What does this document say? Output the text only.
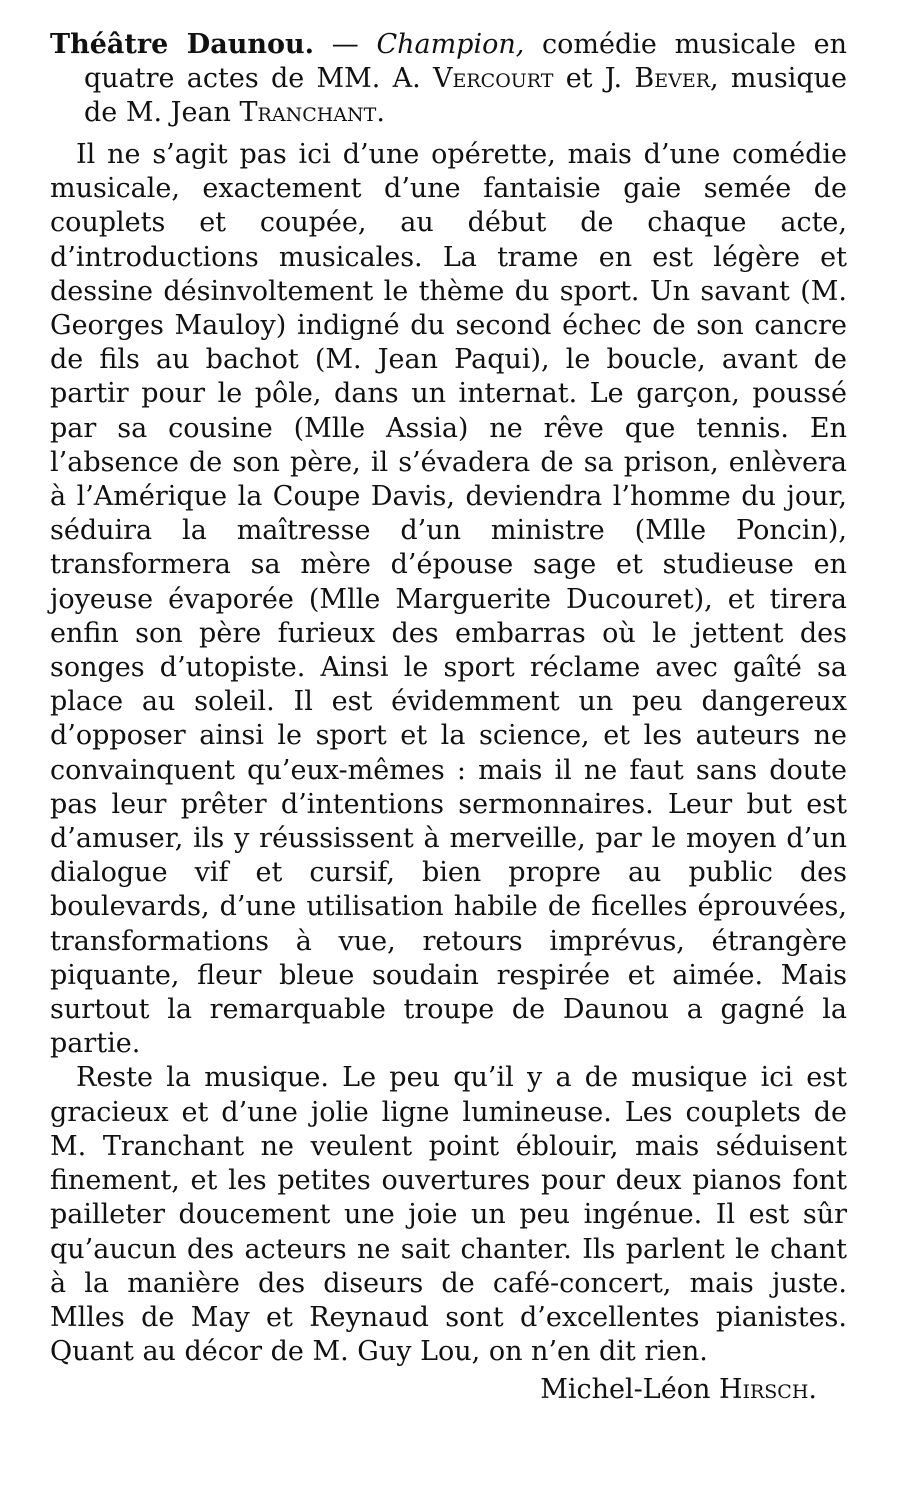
Théâtre Daunou. — Champion, comédie musicale en quatre actes de MM. A. Vercourt et J. Bever, musique de M. Jean Tranchant.

Il ne s’agit pas ici d’une opérette, mais d’une comédie musicale, exactement d’une fantaisie gaie semée de couplets et coupée, au début de chaque acte, d’introductions musicales. La trame en est légère et dessine désinvoltement le thème du sport. Un savant (M. Georges Mauloy) indigné du second échec de son cancre de fils au bachot (M. Jean Paqui), le boucle, avant de partir pour le pôle, dans un internat. Le garçon, poussé par sa cousine (Mlle Assia) ne rêve que tennis. En l’absence de son père, il s’évadera de sa prison, enlèvera à l’Amérique la Coupe Davis, deviendra l’homme du jour, séduira la maîtresse d’un ministre (Mlle Poncin), transformera sa mère d’épouse sage et studieuse en joyeuse évaporée (Mlle Marguerite Ducouret), et tirera enfin son père furieux des embarras où le jettent des songes d’utopiste. Ainsi le sport réclame avec gaîté sa place au soleil. Il est évidemment un peu dangereux d’opposer ainsi le sport et la science, et les auteurs ne convainquent qu’eux-mêmes : mais il ne faut sans doute pas leur prêter d’intentions sermonnaires. Leur but est d’amuser, ils y réussissent à merveille, par le moyen d’un dialogue vif et cursif, bien propre au public des boulevards, d’une utilisation habile de ficelles éprouvées, transformations à vue, retours imprévus, étrangère piquante, fleur bleue soudain respirée et aimée. Mais surtout la remarquable troupe de Daunou a gagné la partie.

Reste la musique. Le peu qu’il y a de musique ici est gracieux et d’une jolie ligne lumineuse. Les couplets de M. Tranchant ne veulent point éblouir, mais séduisent finement, et les petites ouvertures pour deux pianos font pailleter doucement une joie un peu ingénue. Il est sûr qu’aucun des acteurs ne sait chanter. Ils parlent le chant à la manière des diseurs de café-concert, mais juste. Mlles de May et Reynaud sont d’excellentes pianistes. Quant au décor de M. Guy Lou, on n’en dit rien.

Michel-Léon Hirsch.
